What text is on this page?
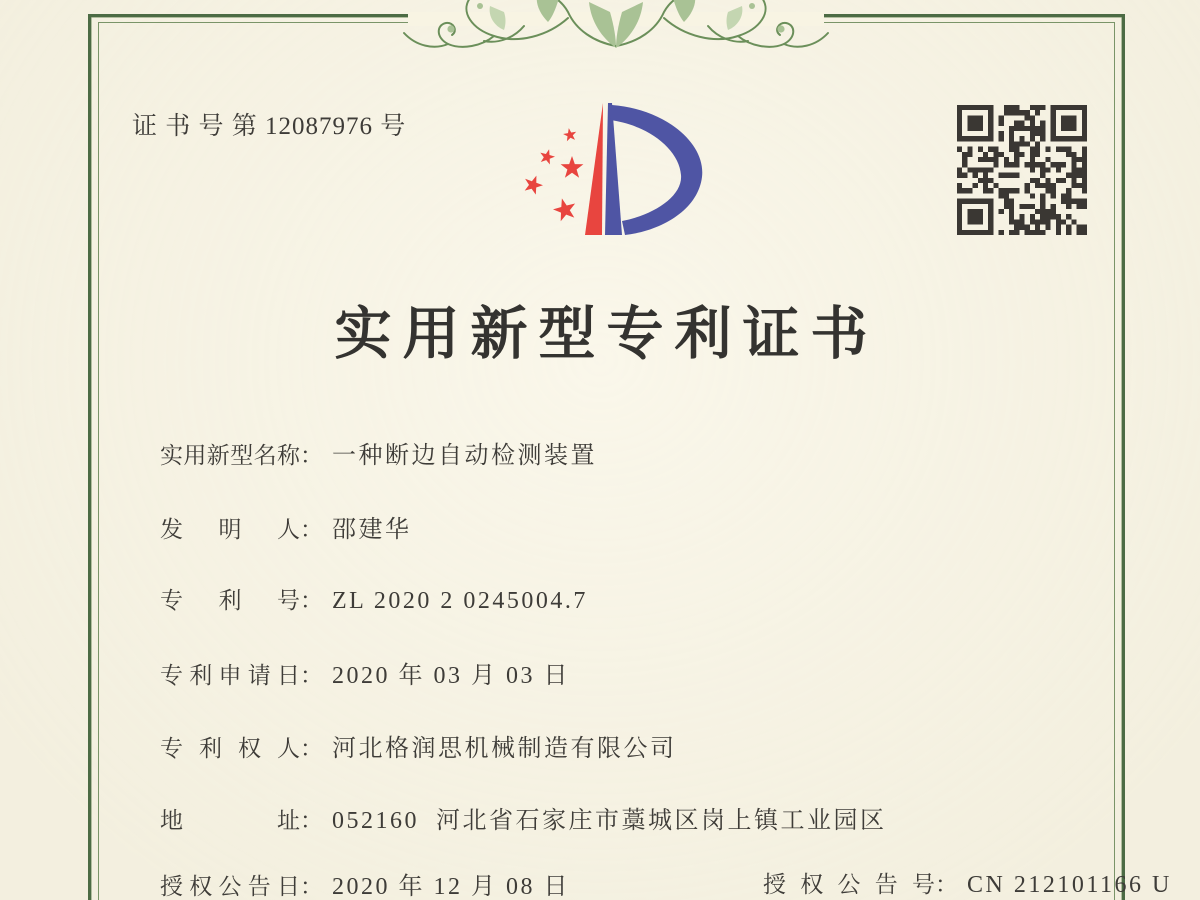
证 书 号 第 12087976 号
实用新型专利证书
实用新型名称： 一种断边自动检测装置
发明人： 邵建华
专利号： ZL 2020 2 0245004.7
专利申请日： 2020 年 03 月 03 日
专利权人： 河北格润思机械制造有限公司
地址： 052160  河北省石家庄市藁城区岗上镇工业园区
授权公告日： 2020 年 12 月 08 日	授权公告号： CN 212101166 U
